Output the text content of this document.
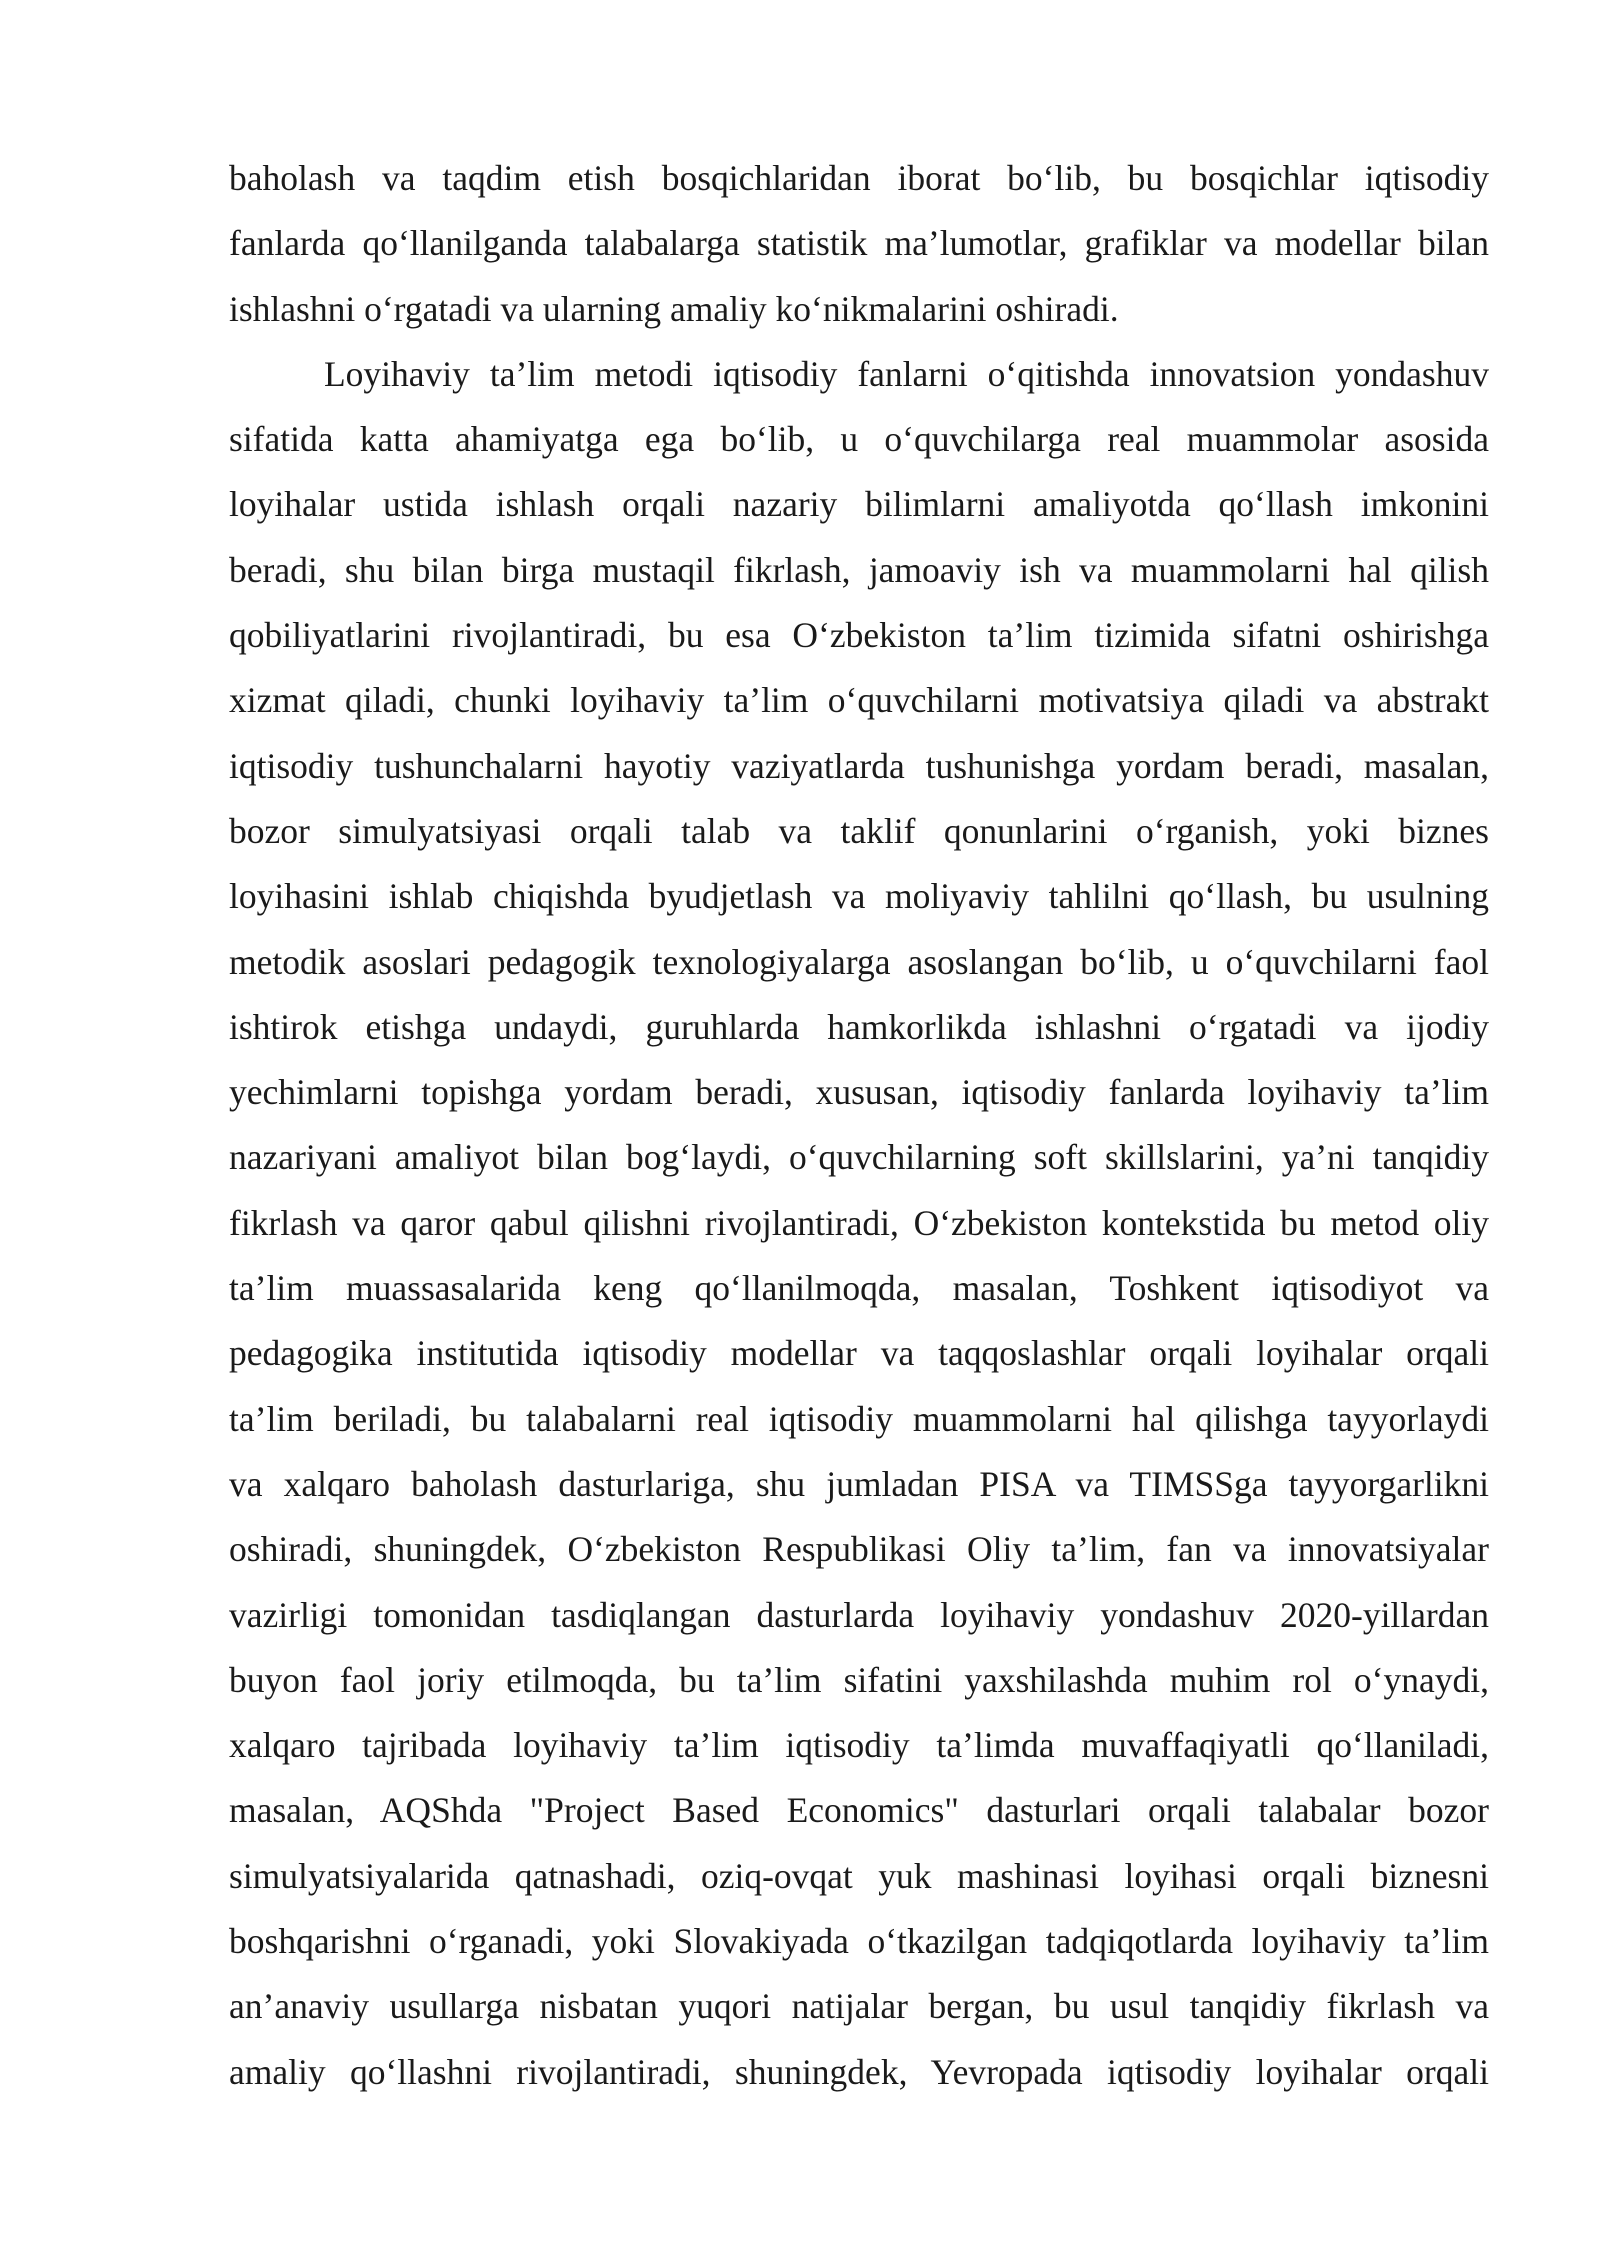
baholash va taqdim etish bosqichlaridan iborat bo‘lib, bu bosqichlar iqtisodiy
fanlarda qo‘llanilganda talabalarga statistik ma’lumotlar, grafiklar va modellar bilan
ishlashni o‘rgatadi va ularning amaliy ko‘nikmalarini oshiradi.
Loyihaviy ta’lim metodi iqtisodiy fanlarni o‘qitishda innovatsion yondashuv
sifatida katta ahamiyatga ega bo‘lib, u o‘quvchilarga real muammolar asosida
loyihalar ustida ishlash orqali nazariy bilimlarni amaliyotda qo‘llash imkonini
beradi, shu bilan birga mustaqil fikrlash, jamoaviy ish va muammolarni hal qilish
qobiliyatlarini rivojlantiradi, bu esa O‘zbekiston ta’lim tizimida sifatni oshirishga
xizmat qiladi, chunki loyihaviy ta’lim o‘quvchilarni motivatsiya qiladi va abstrakt
iqtisodiy tushunchalarni hayotiy vaziyatlarda tushunishga yordam beradi, masalan,
bozor simulyatsiyasi orqali talab va taklif qonunlarini o‘rganish, yoki biznes
loyihasini ishlab chiqishda byudjetlash va moliyaviy tahlilni qo‘llash, bu usulning
metodik asoslari pedagogik texnologiyalarga asoslangan bo‘lib, u o‘quvchilarni faol
ishtirok etishga undaydi, guruhlarda hamkorlikda ishlashni o‘rgatadi va ijodiy
yechimlarni topishga yordam beradi, xususan, iqtisodiy fanlarda loyihaviy ta’lim
nazariyani amaliyot bilan bog‘laydi, o‘quvchilarning soft skillslarini, ya’ni tanqidiy
fikrlash va qaror qabul qilishni rivojlantiradi, O‘zbekiston kontekstida bu metod oliy
ta’lim muassasalarida keng qo‘llanilmoqda, masalan, Toshkent iqtisodiyot va
pedagogika institutida iqtisodiy modellar va taqqoslashlar orqali loyihalar orqali
ta’lim beriladi, bu talabalarni real iqtisodiy muammolarni hal qilishga tayyorlaydi
va xalqaro baholash dasturlariga, shu jumladan PISA va TIMSSga tayyorgarlikni
oshiradi, shuningdek, O‘zbekiston Respublikasi Oliy ta’lim, fan va innovatsiyalar
vazirligi tomonidan tasdiqlangan dasturlarda loyihaviy yondashuv 2020-yillardan
buyon faol joriy etilmoqda, bu ta’lim sifatini yaxshilashda muhim rol o‘ynaydi,
xalqaro tajribada loyihaviy ta’lim iqtisodiy ta’limda muvaffaqiyatli qo‘llaniladi,
masalan, AQShda "Project Based Economics" dasturlari orqali talabalar bozor
simulyatsiyalarida qatnashadi, oziq-ovqat yuk mashinasi loyihasi orqali biznesni
boshqarishni o‘rganadi, yoki Slovakiyada o‘tkazilgan tadqiqotlarda loyihaviy ta’lim
an’anaviy usullarga nisbatan yuqori natijalar bergan, bu usul tanqidiy fikrlash va
amaliy qo‘llashni rivojlantiradi, shuningdek, Yevropada iqtisodiy loyihalar orqali
